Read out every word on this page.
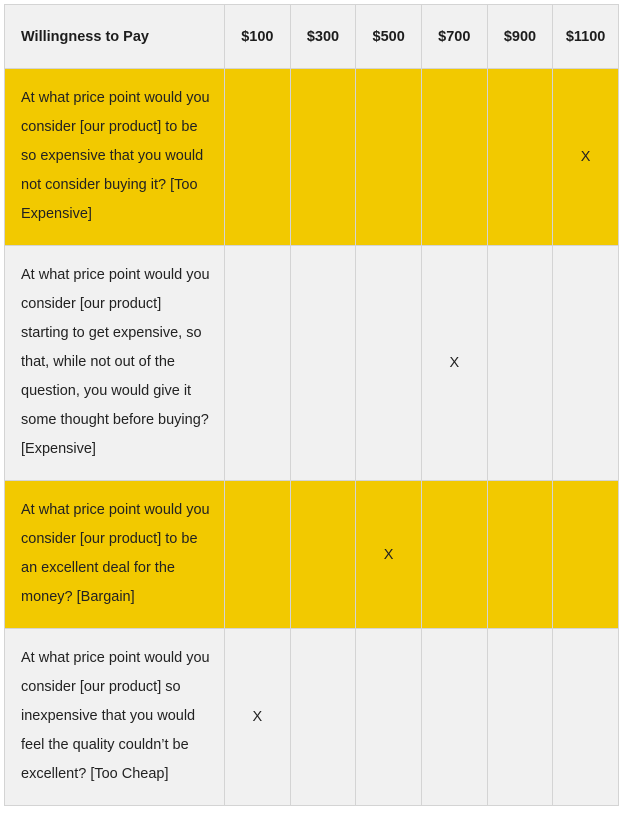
Willingness to Pay	$100	$300	$500	$700	$900	$1100
At what price point would you consider [our product] to be so expensive that you would not consider buying it? [Too Expensive]						X
At what price point would you consider [our product] starting to get expensive, so that, while not out of the question, you would give it some thought before buying? [Expensive]				X		
At what price point would you consider [our product] to be an excellent deal for the money? [Bargain]			X			
At what price point would you consider [our product] so inexpensive that you would feel the quality couldn’t be excellent? [Too Cheap]	X					
